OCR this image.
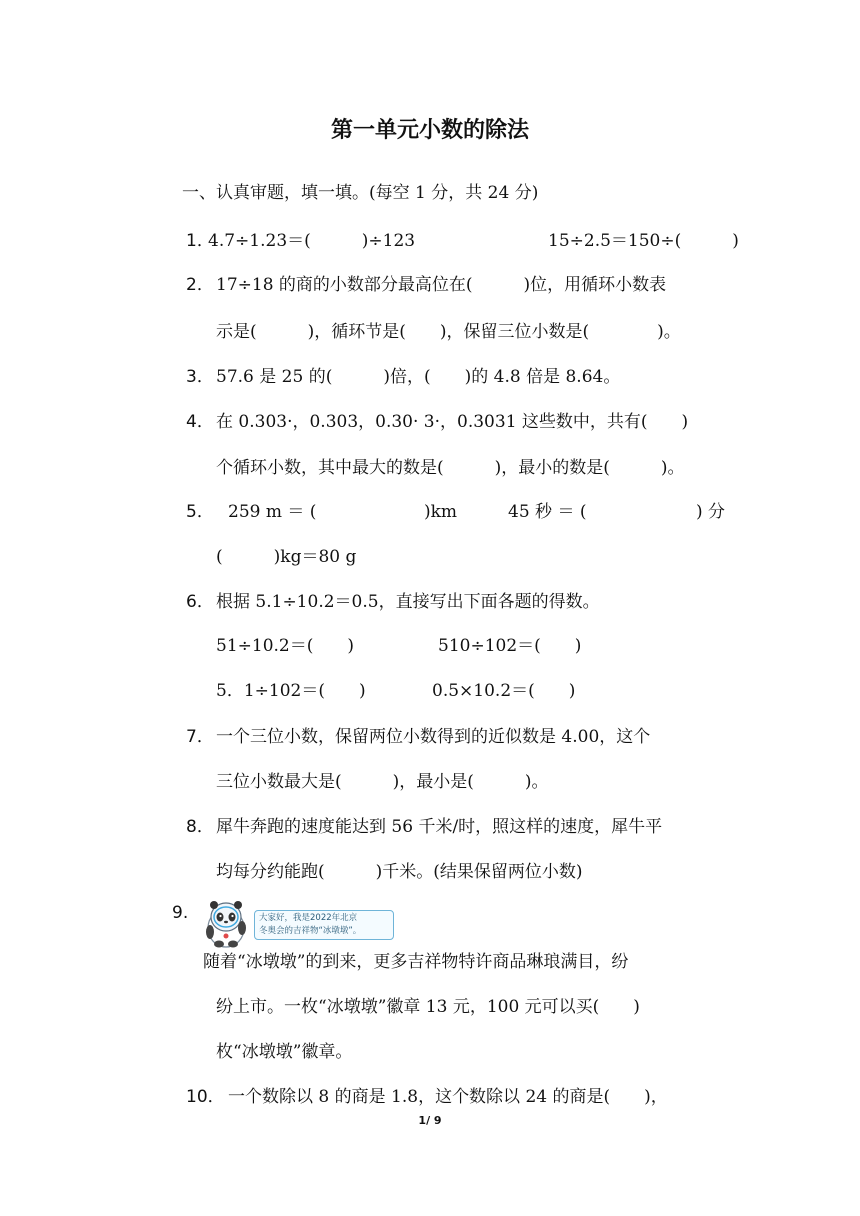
第一单元小数的除法
一、认真审题，填一填。(每空 1 分，共 24 分)
1．
4.7÷1.23＝(　　　)÷123	15÷2.5＝150÷(　　　)
2． 17÷18 的商的小数部分最高位在(　　　)位，用循环小数表
示是(　　　)，循环节是(　　)，保留三位小数是(　　　　)。
3． 57.6 是 25 的(　　　)倍，(　　)的 4.8 倍是 8.64。
4． 在 0.303·，0.303，0.30· 3·，0.3031 这些数中，共有(　　)
个循环小数，其中最大的数是(　　　)，最小的数是(　　　)。
5． 259 m ＝ (	)km	45 秒 ＝ (	) 分
(　　　)kg＝80 g
6． 根据 5.1÷10.2＝0.5，直接写出下面各题的得数。
51÷10.2＝(　　)	510÷102＝(　　)
5．1÷102＝(　　)	0.5×10.2＝(　　)
7． 一个三位小数，保留两位小数得到的近似数是 4.00，这个
三位小数最大是(　　　)，最小是(　　　)。
8． 犀牛奔跑的速度能达到 56 千米/时，照这样的速度，犀牛平
均每分约能跑(　　　)千米。(结果保留两位小数)
9.	大家好，我是2022年北京
冬奥会的吉祥物“冰墩墩”。
随着“冰墩墩”的到来，更多吉祥物特许商品琳琅满目，纷
纷上市。一枚“冰墩墩”徽章 13 元，100 元可以买(　　)
枚“冰墩墩”徽章。
10． 一个数除以 8 的商是 1.8，这个数除以 24 的商是(　　)，
1/ 9
